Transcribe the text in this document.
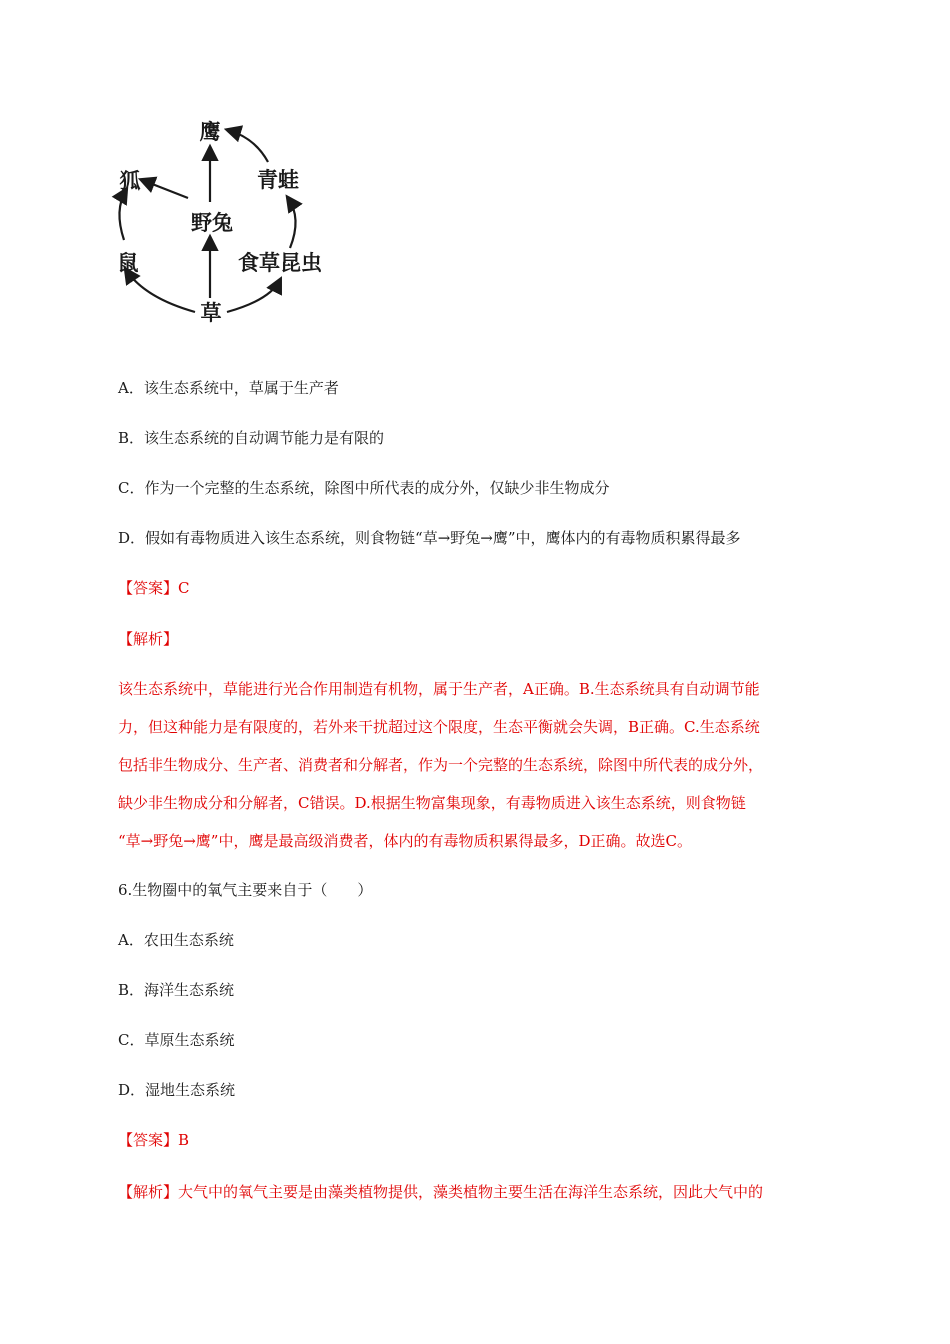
鹰
青蛙
狐
野兔
鼠	食草昆虫
草
A．该生态系统中，草属于生产者
B．该生态系统的自动调节能力是有限的
C．作为一个完整的生态系统，除图中所代表的成分外，仅缺少非生物成分
D．假如有毒物质进入该生态系统，则食物链“草→野兔→鹰”中，鹰体内的有毒物质积累得最多
【答案】C
【解析】
该生态系统中，草能进行光合作用制造有机物，属于生产者，A正确。B.生态系统具有自动调节能
力，但这种能力是有限度的，若外来干扰超过这个限度，生态平衡就会失调，B正确。C.生态系统
包括非生物成分、生产者、消费者和分解者，作为一个完整的生态系统，除图中所代表的成分外，
缺少非生物成分和分解者，C错误。D.根据生物富集现象，有毒物质进入该生态系统，则食物链
“草→野兔→鹰”中，鹰是最高级消费者，体内的有毒物质积累得最多，D正确。故选C。
6.生物圈中的氧气主要来自于（　　）
A．农田生态系统
B．海洋生态系统
C．草原生态系统
D．湿地生态系统
【答案】B
【解析】大气中的氧气主要是由藻类植物提供，藻类植物主要生活在海洋生态系统，因此大气中的
